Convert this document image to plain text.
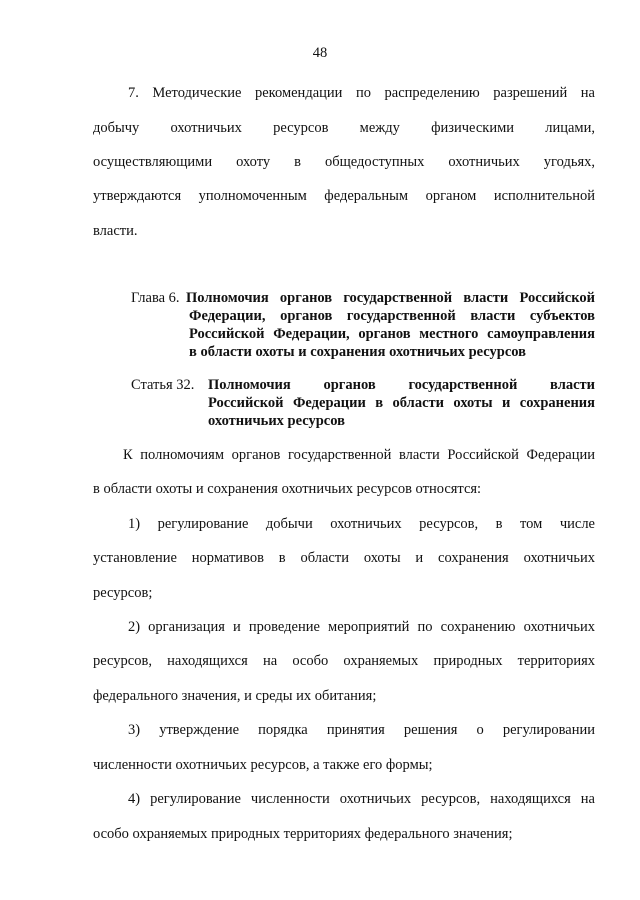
48
7. Методические рекомендации по распределению разрешений на
добычу охотничьих ресурсов между физическими лицами,
осуществляющими охоту в общедоступных охотничьих угодьях,
утверждаются уполномоченным федеральным органом исполнительной
власти.
Глава 6. Полномочия органов государственной власти Российской
Федерации, органов государственной власти субъектов
Российской Федерации, органов местного самоуправления
в области охоты и сохранения охотничьих ресурсов
Статья 32. Полномочия органов государственной власти
Российской Федерации в области охоты и сохранения
охотничьих ресурсов
К полномочиям органов государственной власти Российской Федерации
в области охоты и сохранения охотничьих ресурсов относятся:
1) регулирование добычи охотничьих ресурсов, в том числе
установление нормативов в области охоты и сохранения охотничьих
ресурсов;
2) организация и проведение мероприятий по сохранению охотничьих
ресурсов, находящихся на особо охраняемых природных территориях
федерального значения, и среды их обитания;
3) утверждение порядка принятия решения о регулировании
численности охотничьих ресурсов, а также его формы;
4) регулирование численности охотничьих ресурсов, находящихся на
особо охраняемых природных территориях федерального значения;
